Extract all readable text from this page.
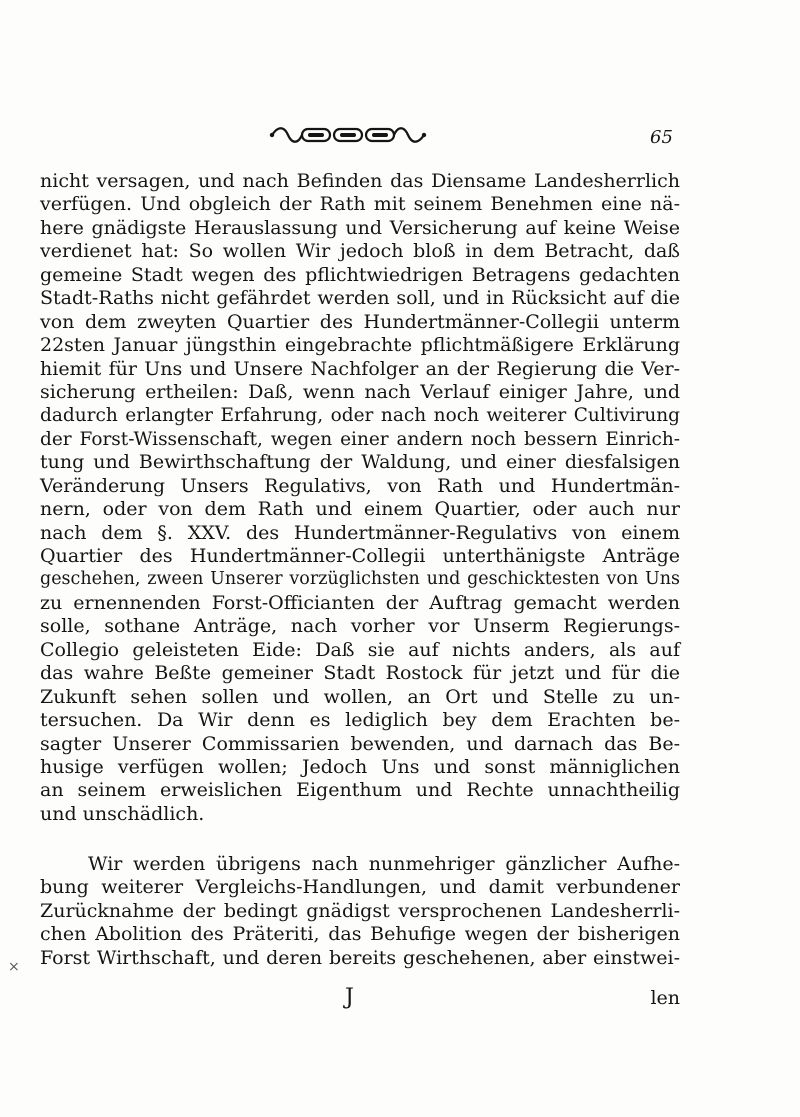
65
nicht versagen, und nach Befinden das Diensame Landesherrlich
verfügen. Und obgleich der Rath mit seinem Benehmen eine nä-
here gnädigste Herauslassung und Versicherung auf keine Weise
verdienet hat: So wollen Wir jedoch bloß in dem Betracht, daß
gemeine Stadt wegen des pflichtwiedrigen Betragens gedachten
Stadt-Raths nicht gefährdet werden soll, und in Rücksicht auf die
von dem zweyten Quartier des Hundertmänner-Collegii unterm
22sten Januar jüngsthin eingebrachte pflichtmäßigere Erklärung
hiemit für Uns und Unsere Nachfolger an der Regierung die Ver-
sicherung ertheilen: Daß, wenn nach Verlauf einiger Jahre, und
dadurch erlangter Erfahrung, oder nach noch weiterer Cultivirung
der Forst-Wissenschaft, wegen einer andern noch bessern Einrich-
tung und Bewirthschaftung der Waldung, und einer diesfalsigen
Veränderung Unsers Regulativs, von Rath und Hundertmän-
nern, oder von dem Rath und einem Quartier, oder auch nur
nach dem §. XXV. des Hundertmänner-Regulativs von einem
Quartier des Hundertmänner-Collegii unterthänigste Anträge
geschehen, zween Unserer vorzüglichsten und geschicktesten von Uns
zu ernennenden Forst-Officianten der Auftrag gemacht werden
solle, sothane Anträge, nach vorher vor Unserm Regierungs-
Collegio geleisteten Eide: Daß sie auf nichts anders, als auf
das wahre Beßte gemeiner Stadt Rostock für jetzt und für die
Zukunft sehen sollen und wollen, an Ort und Stelle zu un-
tersuchen. Da Wir denn es lediglich bey dem Erachten be-
sagter Unserer Commissarien bewenden, und darnach das Be-
husige verfügen wollen; Jedoch Uns und sonst männiglichen
an seinem erweislichen Eigenthum und Rechte unnachtheilig
und unschädlich.
Wir werden übrigens nach nunmehriger gänzlicher Aufhe-
bung weiterer Vergleichs-Handlungen, und damit verbundener
Zurücknahme der bedingt gnädigst versprochenen Landesherrli-
chen Abolition des Präteriti, das Behufige wegen der bisherigen
Forst Wirthschaft, und deren bereits geschehenen, aber einstwei-
×
J	len
